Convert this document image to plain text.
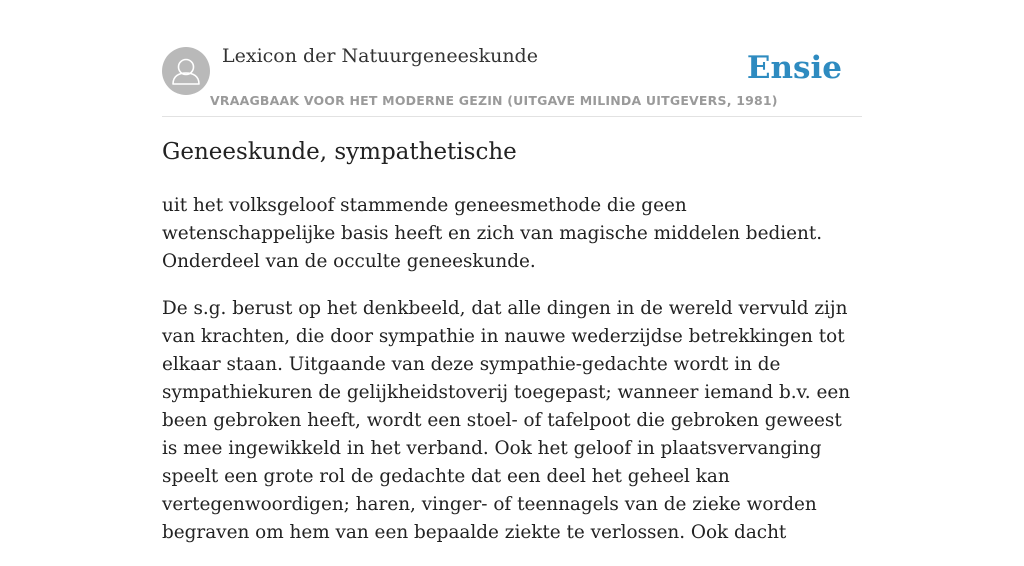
Lexicon der Natuurgeneeskunde
VRAAGBAAK VOOR HET MODERNE GEZIN (UITGAVE MILINDA UITGEVERS, 1981)
Ensie
Geneeskunde, sympathetische

uit het volksgeloof stammende geneesmethode die geen wetenschappelijke basis heeft en zich van magische middelen bedient. Onderdeel van de occulte geneeskunde.

De s.g. berust op het denkbeeld, dat alle dingen in de wereld vervuld zijn van krachten, die door sympathie in nauwe wederzijdse betrekkingen tot elkaar staan. Uitgaande van deze sympathie-gedachte wordt in de sympathiekuren de gelijkheidstoverij toegepast; wanneer iemand b.v. een been gebroken heeft, wordt een stoel- of tafelpoot die gebroken geweest is mee ingewikkeld in het verband. Ook het geloof in plaatsvervanging speelt een grote rol de gedachte dat een deel het geheel kan vertegenwoordigen; haren, vinger- of teennagels van de zieke worden begraven om hem van een bepaalde ziekte te verlossen. Ook dacht
